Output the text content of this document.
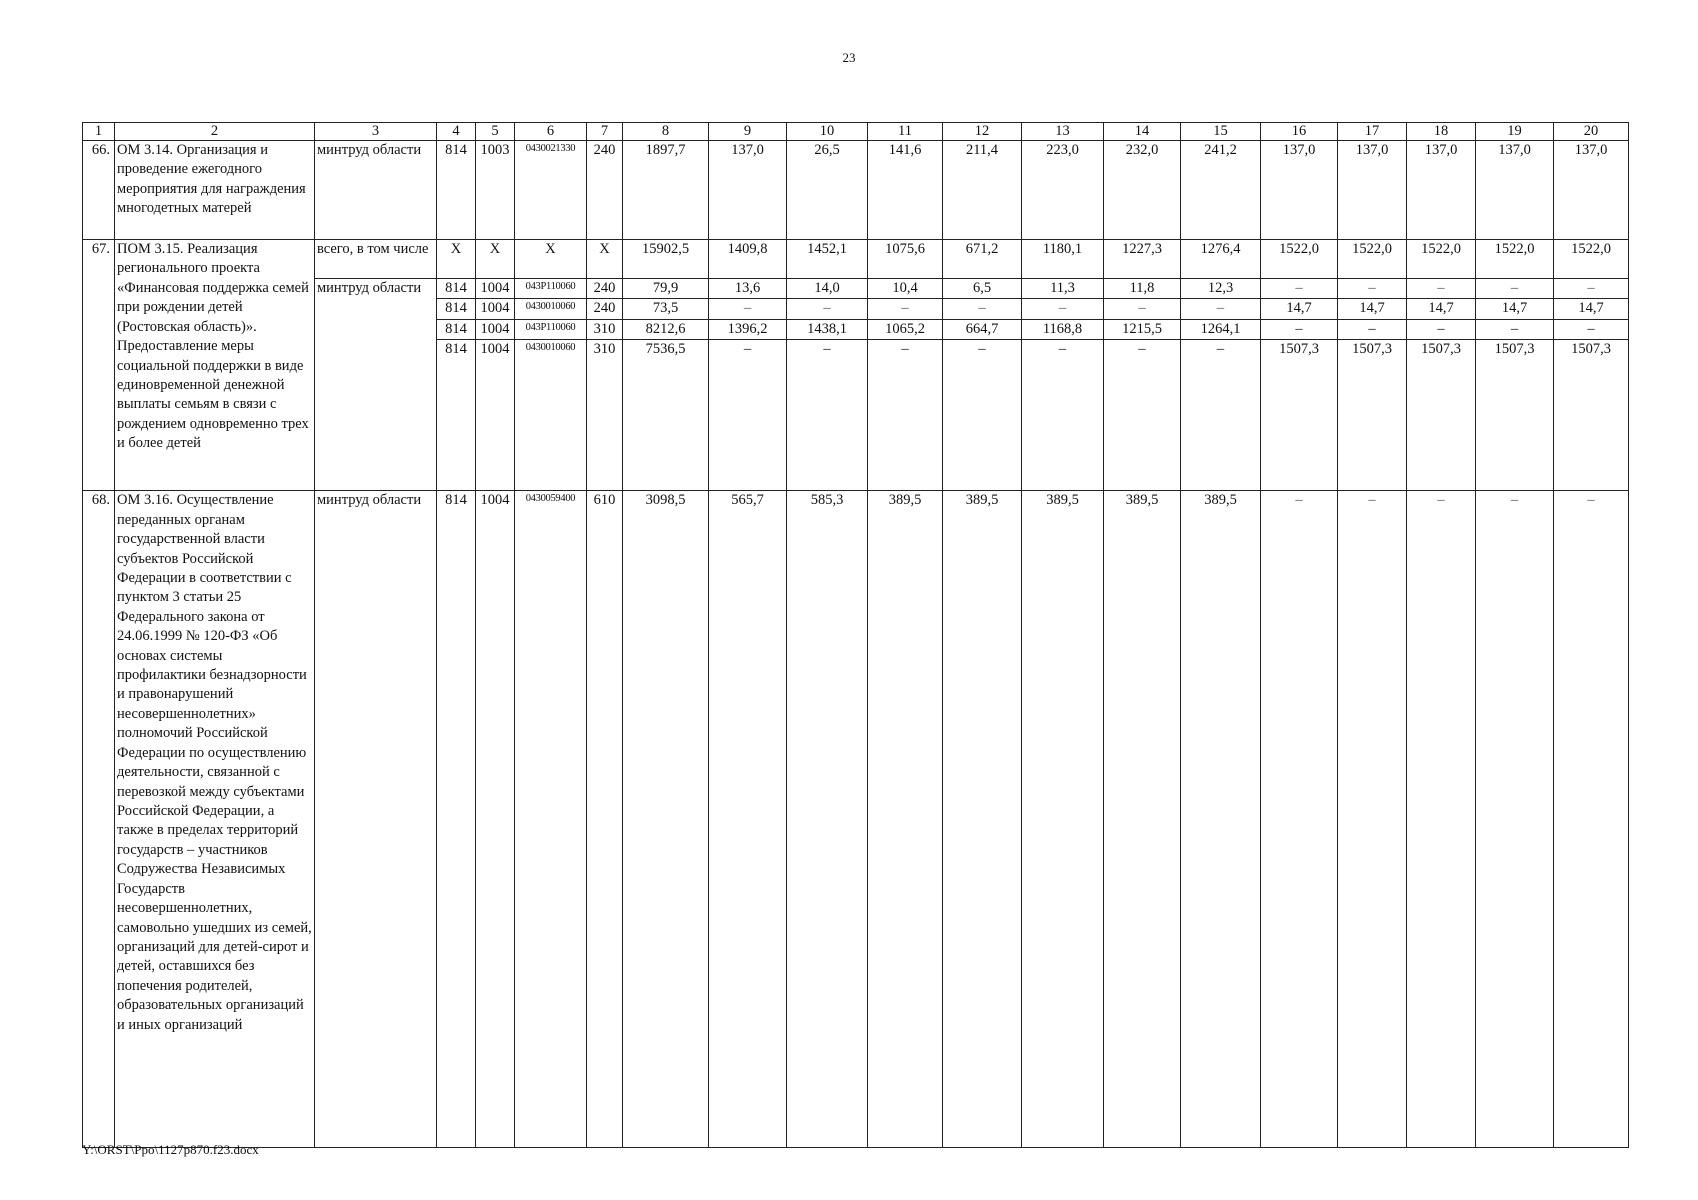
23
1	2	3	4	5	6	7	8	9	10	11	12	13	14	15	16	17	18	19	20
66.	ОМ 3.14. Организация и проведение ежегодного мероприятия для награждения многодетных матерей	минтруд области	814	1003	0430021330	240	1897,7	137,0	26,5	141,6	211,4	223,0	232,0	241,2	137,0	137,0	137,0	137,0	137,0
67.	ПОМ 3.15. Реализация регионального проекта «Финансовая поддержка семей при рождении детей (Ростовская область)». Предоставление меры социальной поддержки в виде единовременной денежной выплаты семьям в связи с рождением одновременно трех и более детей	всего, в том числе	Х	Х	Х	Х	15902,5	1409,8	1452,1	1075,6	671,2	1180,1	1227,3	1276,4	1522,0	1522,0	1522,0	1522,0	1522,0
		минтруд области	814	1004	043P110060	240	79,9	13,6	14,0	10,4	6,5	11,3	11,8	12,3	–	–	–	–	–
			814	1004	0430010060	240	73,5	–	–	–	–	–	–	–	14,7	14,7	14,7	14,7	14,7
			814	1004	043P110060	310	8212,6	1396,2	1438,1	1065,2	664,7	1168,8	1215,5	1264,1	–	–	–	–	–
			814	1004	0430010060	310	7536,5	–	–	–	–	–	–	–	1507,3	1507,3	1507,3	1507,3	1507,3
68.	ОМ 3.16. Осуществление переданных органам государственной власти субъектов Российской Федерации в соответствии с пунктом 3 статьи 25 Федерального закона от 24.06.1999 № 120-ФЗ «Об основах системы профилактики безнадзорности и правонарушений несовершеннолетних» полномочий Российской Федерации по осуществлению деятельности, связанной с перевозкой между субъектами Российской Федерации, а также в пределах территорий государств – участников Содружества Независимых Государств несовершеннолетних, самовольно ушедших из семей, организаций для детей-сирот и детей, оставшихся без попечения родителей, образовательных организаций и иных организаций	минтруд области	814	1004	0430059400	610	3098,5	565,7	585,3	389,5	389,5	389,5	389,5	389,5	–	–	–	–	–
Y:\ORST\Ppo\1127p870.f23.docx
